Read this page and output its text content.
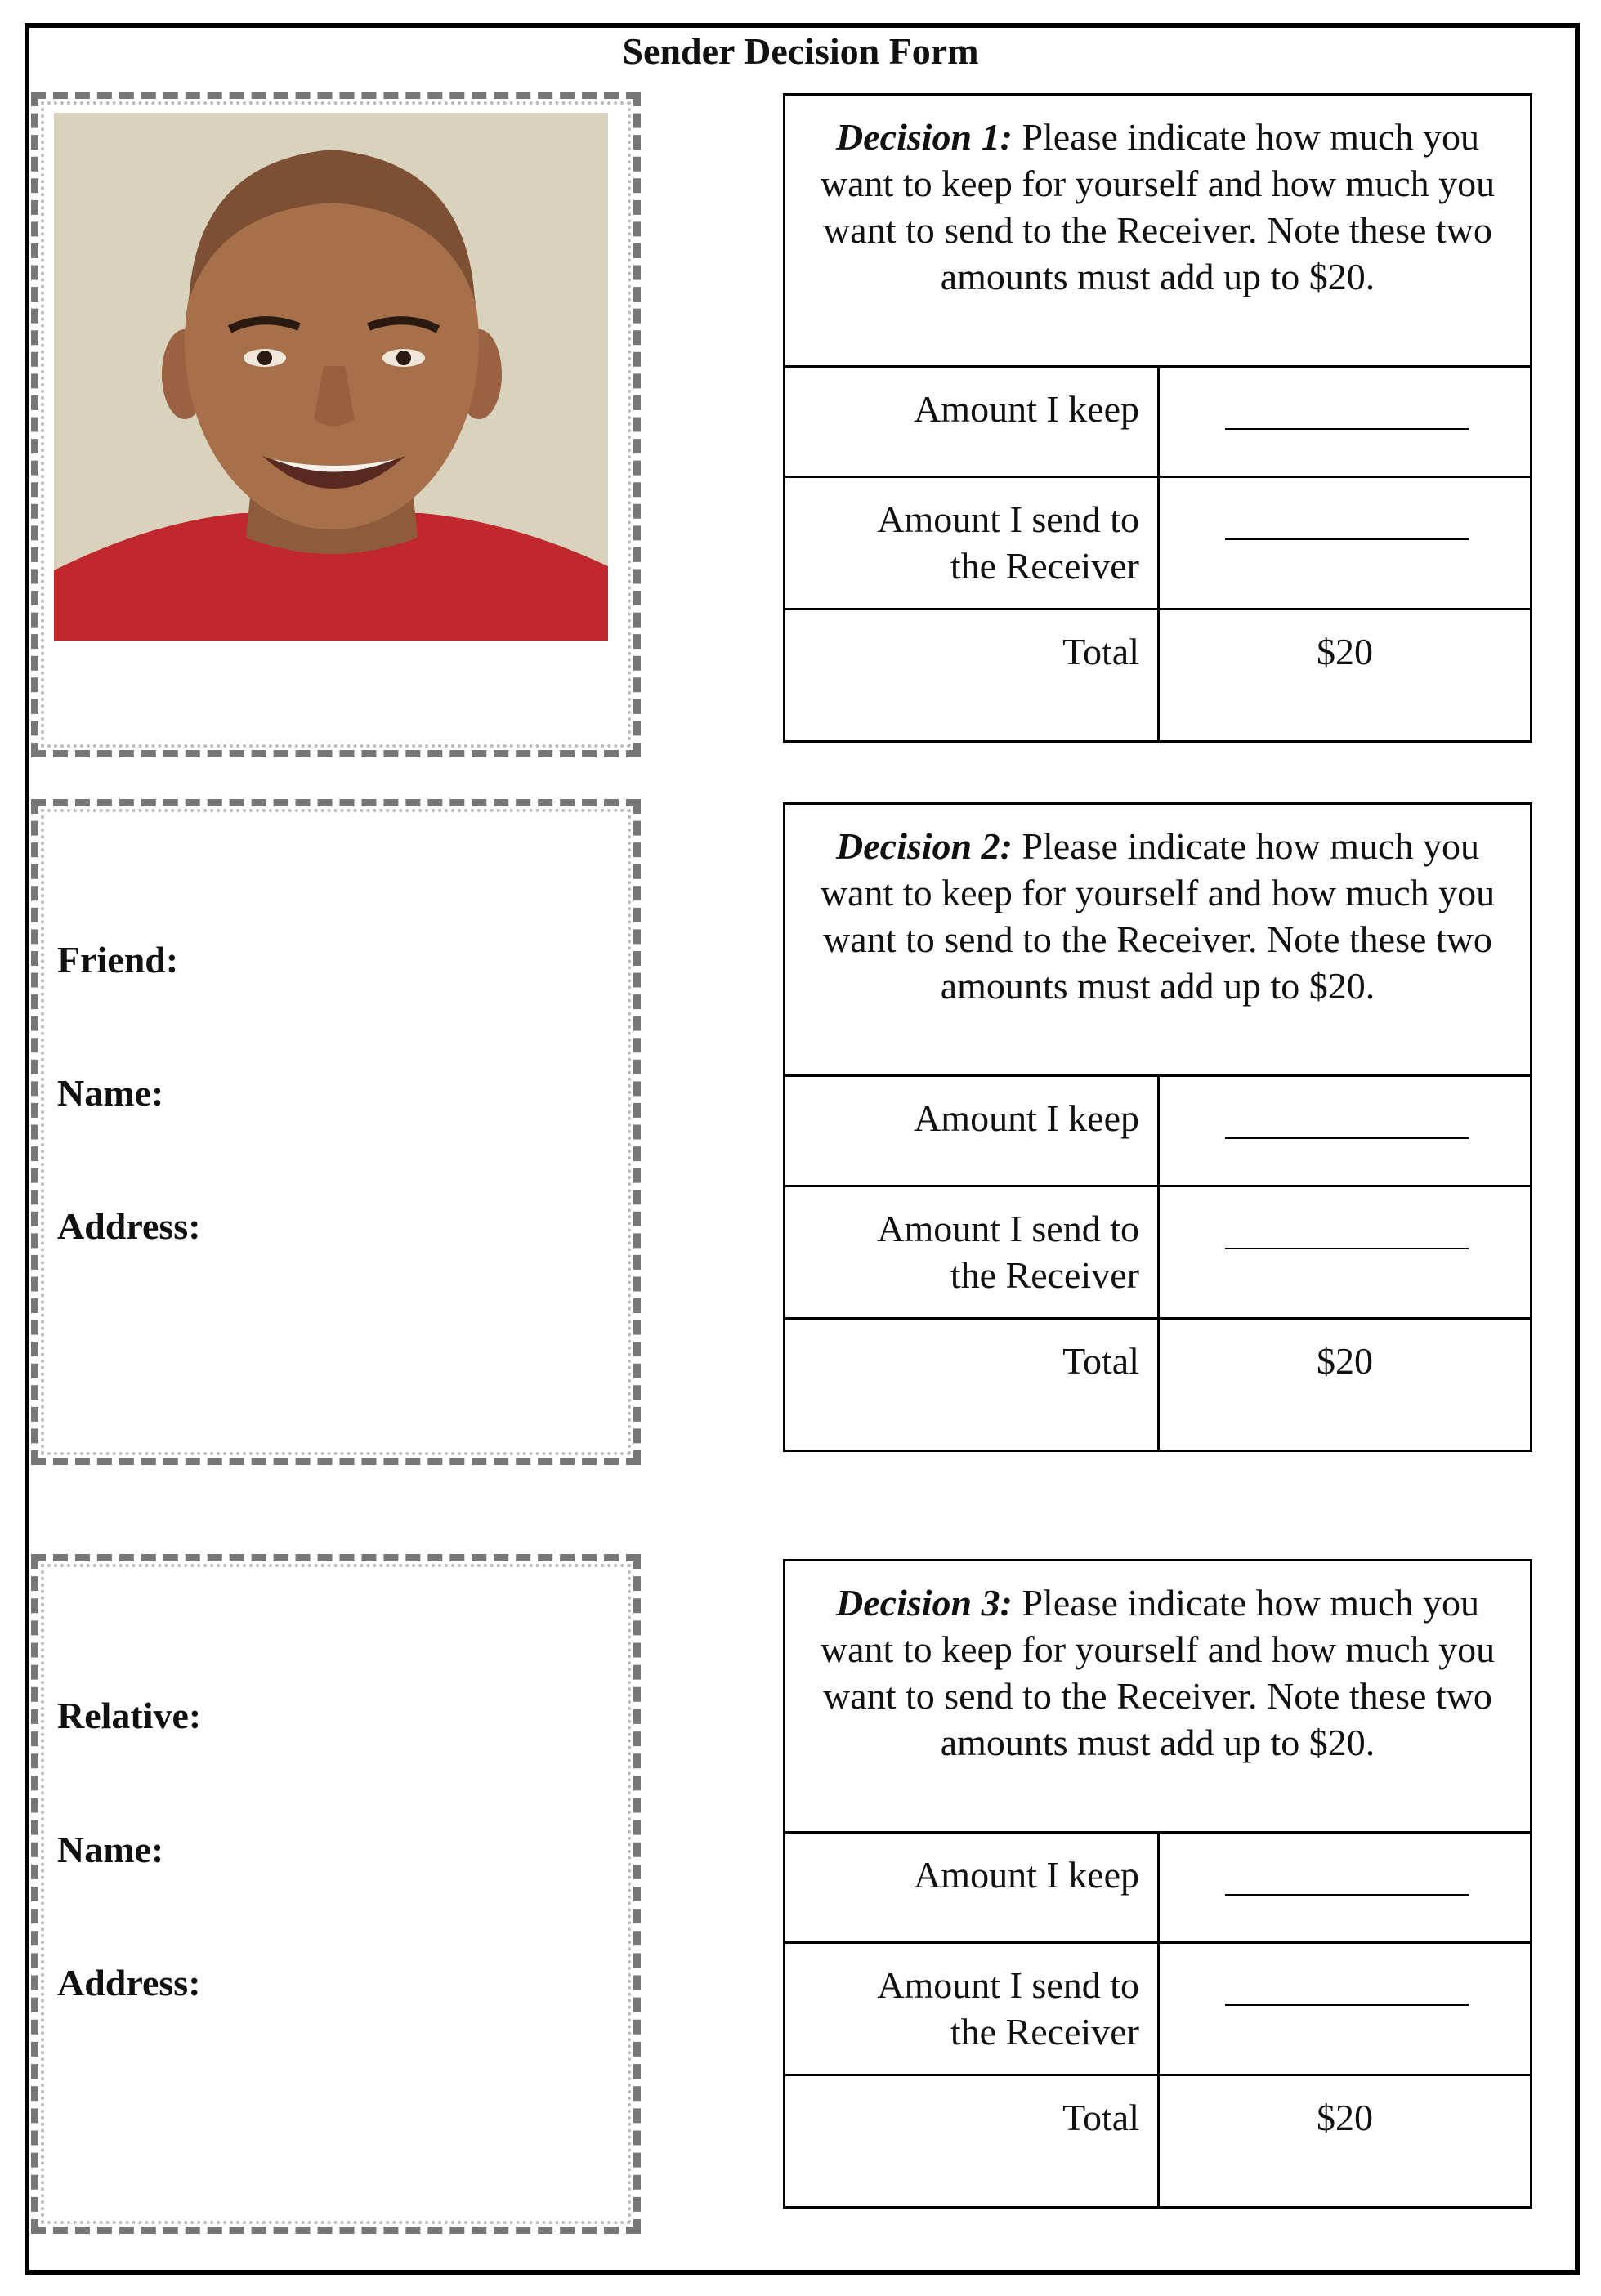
Sender Decision Form
Friend:
Name:
Address:
Relative:
Name:
Address:
Decision 1: Please indicate how much you want to keep for yourself and how much you want to send to the Receiver. Note these two amounts must add up to $20.
Amount I keep
Amount I send to
the Receiver
Total	$20
Decision 2: Please indicate how much you want to keep for yourself and how much you want to send to the Receiver. Note these two amounts must add up to $20.
Amount I keep
Amount I send to
the Receiver
Total	$20
Decision 3: Please indicate how much you want to keep for yourself and how much you want to send to the Receiver. Note these two amounts must add up to $20.
Amount I keep
Amount I send to
the Receiver
Total	$20
